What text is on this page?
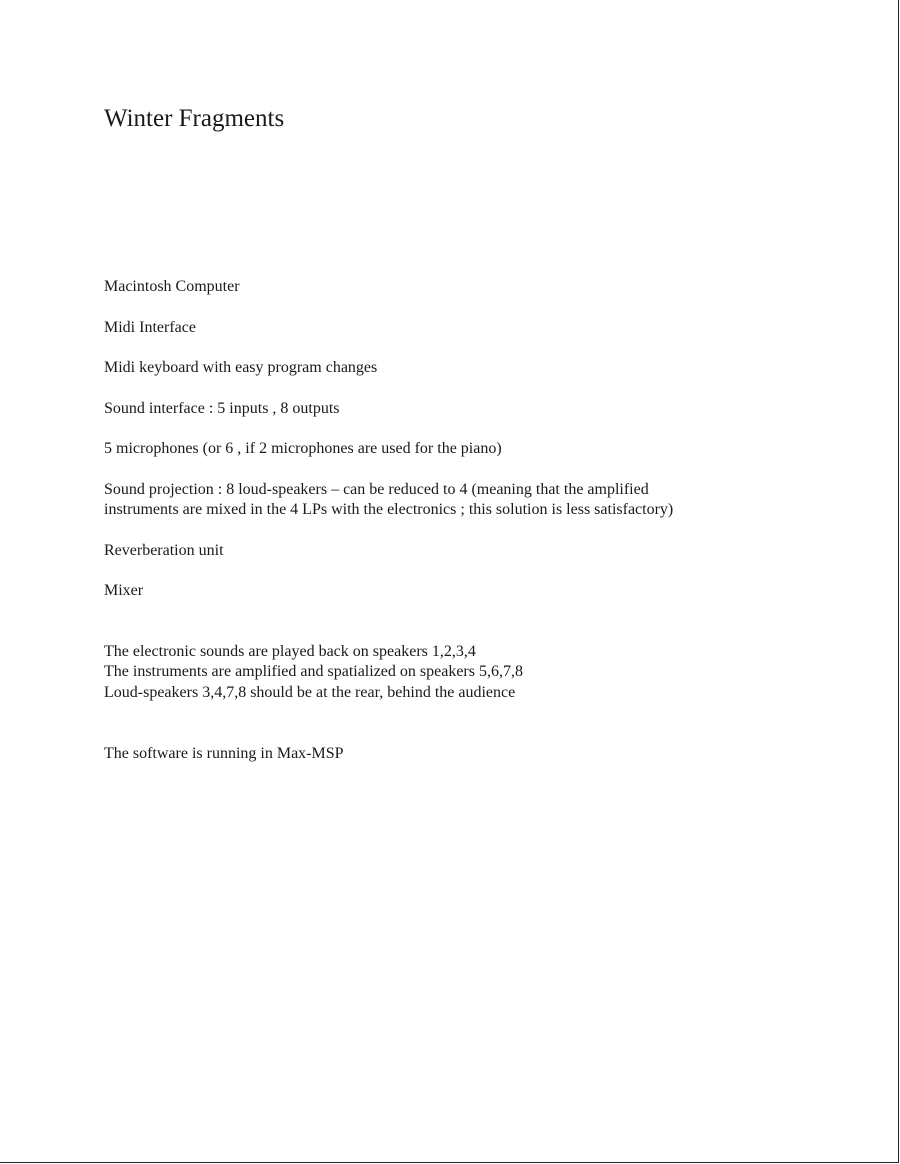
Winter Fragments

Macintosh Computer

Midi Interface

Midi keyboard with easy program changes

Sound interface : 5 inputs , 8 outputs

5 microphones (or 6 , if 2 microphones are used for the piano)

Sound projection : 8 loud-speakers – can be reduced to 4 (meaning that the amplified

instruments are mixed in the 4 LPs with the electronics ; this solution is less satisfactory)

Reverberation unit

Mixer

The electronic sounds are played back on speakers 1,2,3,4

The instruments are amplified and spatialized on speakers 5,6,7,8

Loud-speakers 3,4,7,8 should be at the rear, behind the audience

The software is running in Max-MSP
